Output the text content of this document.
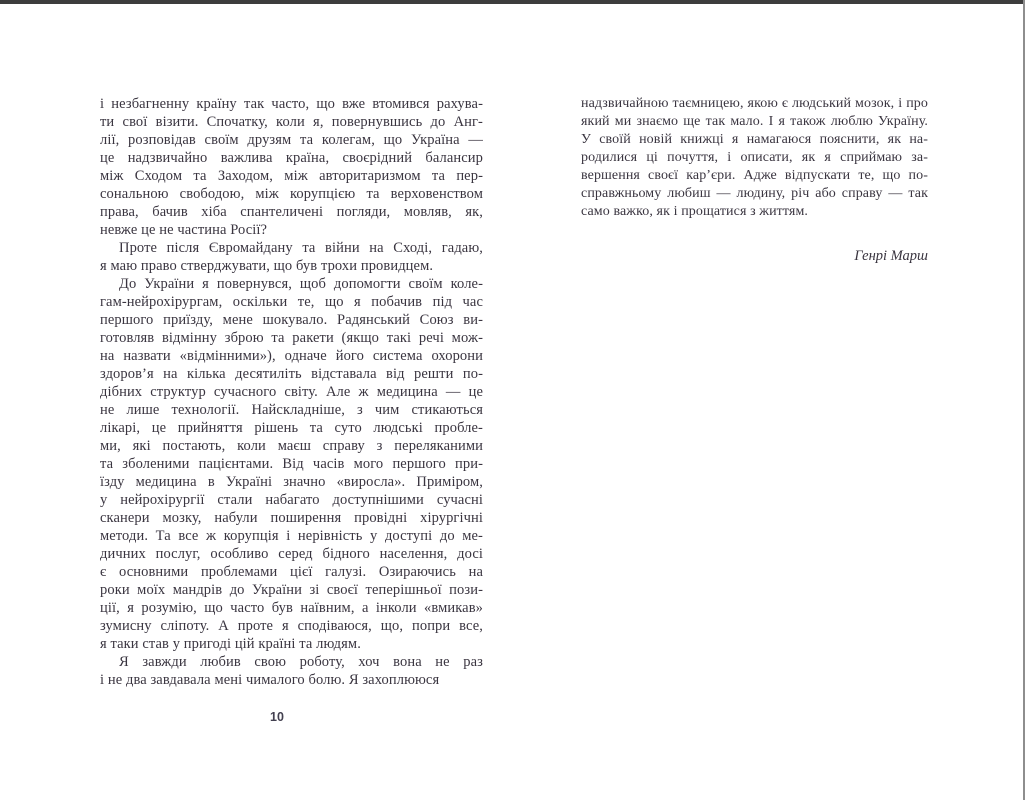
і незбагненну країну так часто, що вже втомився рахува-
ти свої візити. Спочатку, коли я, повернувшись до Анг-
лії, розповідав своїм друзям та колегам, що Україна —
це надзвичайно важлива країна, своєрідний балансир
між Сходом та Заходом, між авторитаризмом та пер-
сональною свободою, між корупцією та верховенством
права, бачив хіба спантеличені погляди, мовляв, як,
невже це не частина Росії?
Проте після Євромайдану та війни на Сході, гадаю,
я маю право стверджувати, що був трохи провидцем.
До України я повернувся, щоб допомогти своїм коле-
гам-нейрохірургам, оскільки те, що я побачив під час
першого приїзду, мене шокувало. Радянський Союз ви-
готовляв відмінну зброю та ракети (якщо такі речі мож-
на назвати «відмінними»), одначе його система охорони
здоров’я на кілька десятиліть відставала від решти по-
дібних структур сучасного світу. Але ж медицина — це
не лише технології. Найскладніше, з чим стикаються
лікарі, це прийняття рішень та суто людські пробле-
ми, які постають, коли маєш справу з переляканими
та зболеними пацієнтами. Від часів мого першого при-
їзду медицина в Україні значно «виросла». Приміром,
у нейрохірургії стали набагато доступнішими сучасні
сканери мозку, набули поширення провідні хірургічні
методи. Та все ж корупція і нерівність у доступі до ме-
дичних послуг, особливо серед бідного населення, досі
є основними проблемами цієї галузі. Озираючись на
роки моїх мандрів до України зі своєї теперішньої пози-
ції, я розумію, що часто був наївним, а інколи «вмикав»
зумисну сліпоту. А проте я сподіваюся, що, попри все,
я таки став у пригоді цій країні та людям.
Я завжди любив свою роботу, хоч вона не раз
і не два завдавала мені чималого болю. Я захоплююся
надзвичайною таємницею, якою є людський мозок, і про
який ми знаємо ще так мало. І я також люблю Україну.
У своїй новій книжці я намагаюся пояснити, як на-
родилися ці почуття, і описати, як я сприймаю за-
вершення своєї кар’єри. Адже відпускати те, що по-
справжньому любиш — людину, річ або справу — так
само важко, як і прощатися з життям.
Генрі Марш
10
